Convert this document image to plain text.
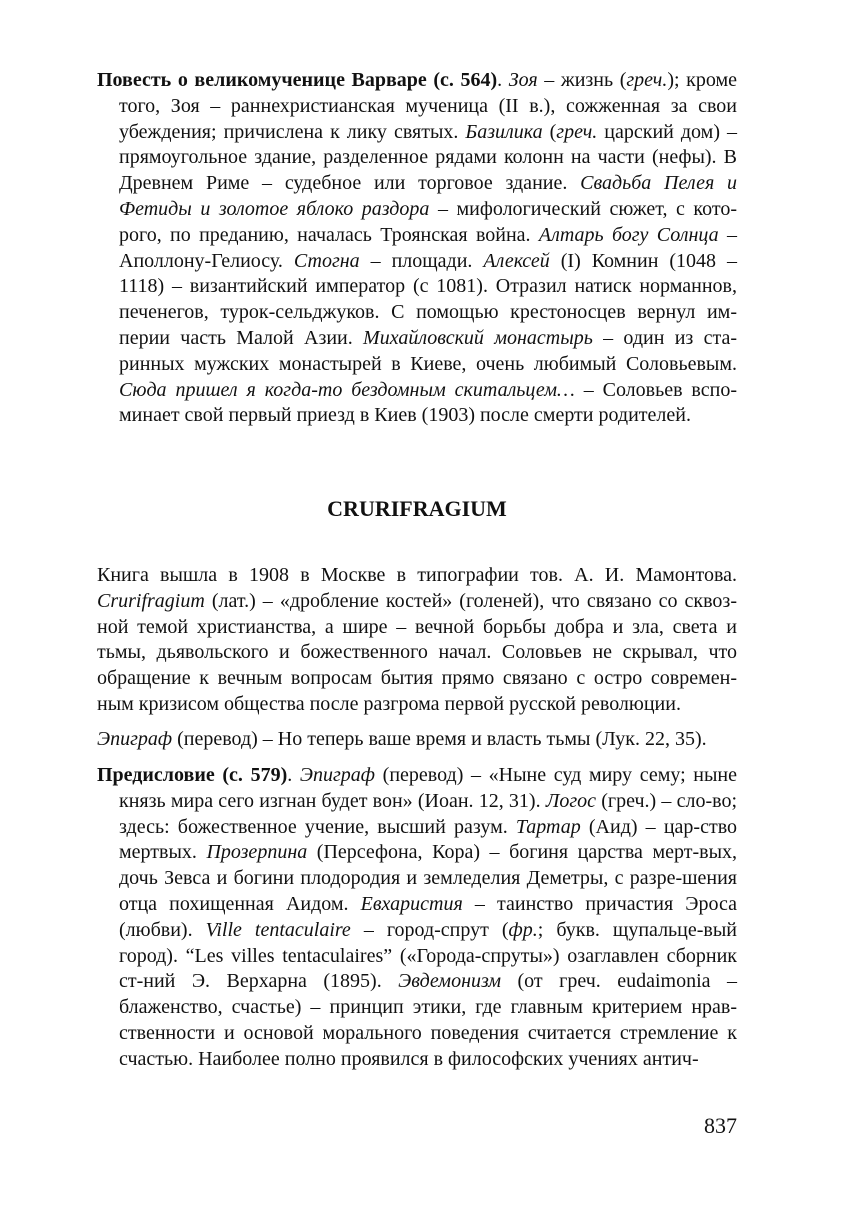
Повесть о великомученице Варваре (с. 564). Зоя – жизнь (греч.); кроме того, Зоя – раннехристианская мученица (II в.), сожженная за свои убеждения; причислена к лику святых. Базилика (греч. царский дом) – прямоугольное здание, разделенное рядами колонн на части (нефы). В Древнем Риме – судебное или торговое здание. Свадьба Пелея и Фетиды и золотое яблоко раздора – мифологический сюжет, с кото-рого, по преданию, началась Троянская война. Алтарь богу Солнца – Аполлону-Гелиосу. Стогна – площади. Алексей (I) Комнин (1048 – 1118) – византийский император (с 1081). Отразил натиск норманнов, печенегов, турок-сельджуков. С помощью крестоносцев вернул им-перии часть Малой Азии. Михайловский монастырь – один из ста-ринных мужских монастырей в Киеве, очень любимый Соловьевым. Сюда пришел я когда-то бездомным скитальцем… – Соловьев вспо-минает свой первый приезд в Киев (1903) после смерти родителей.

CRURIFRAGIUM

Книга вышла в 1908 в Москве в типографии тов. А. И. Мамонтова. Crurifragium (лат.) – «дробление костей» (голеней), что связано со сквоз-ной темой христианства, а шире – вечной борьбы добра и зла, света и тьмы, дьявольского и божественного начал. Соловьев не скрывал, что обращение к вечным вопросам бытия прямо связано с остро современ-ным кризисом общества после разгрома первой русской революции.

Эпиграф (перевод) – Но теперь ваше время и власть тьмы (Лук. 22, 35).

Предисловие (с. 579). Эпиграф (перевод) – «Ныне суд миру сему; ныне князь мира сего изгнан будет вон» (Иоан. 12, 31). Логос (греч.) – сло-во; здесь: божественное учение, высший разум. Тартар (Аид) – цар-ство мертвых. Прозерпина (Персефона, Кора) – богиня царства мерт-вых, дочь Зевса и богини плодородия и земледелия Деметры, с разре-шения отца похищенная Аидом. Евхаристия – таинство причастия Эроса (любви). Ville tentaculaire – город-спрут (фр.; букв. щупальце-вый город). “Les villes tentaculaires” («Города-спруты») озаглавлен сборник ст-ний Э. Верхарна (1895). Эвдемонизм (от греч. eudaimonia – блаженство, счастье) – принцип этики, где главным критерием нрав-ственности и основой морального поведения считается стремление к счастью. Наиболее полно проявился в философских учениях антич-

837
